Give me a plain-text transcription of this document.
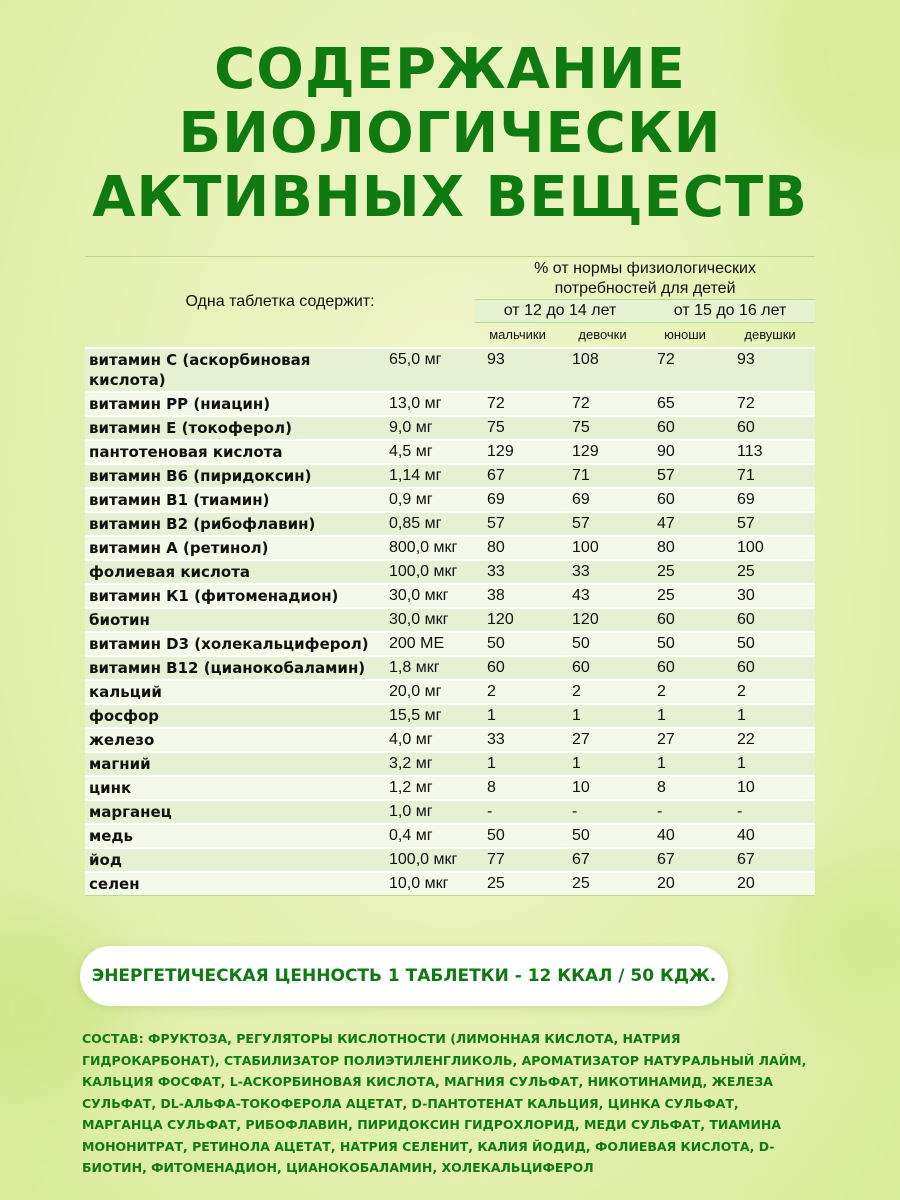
СОДЕРЖАНИЕ
БИОЛОГИЧЕСКИ
АКТИВНЫХ ВЕЩЕСТВ
Одна таблетка содержит:		% от нормы физиологических
потребностей для детей			

		от 12 до 14 лет		от 15 до 16 лет	
		мальчики	девочки	юноши	девушки
витамин С (аскорбиновая кислота)	65,0 мг	93	108	72	93
витамин РР (ниацин)	13,0 мг	72	72	65	72
витамин Е (токоферол)	9,0 мг	75	75	60	60
пантотеновая кислота	4,5 мг	129	129	90	113
витамин В6 (пиридоксин)	1,14 мг	67	71	57	71
витамин В1 (тиамин)	0,9 мг	69	69	60	69
витамин В2 (рибофлавин)	0,85 мг	57	57	47	57
витамин А (ретинол)	800,0 мкг	80	100	80	100
фолиевая кислота	100,0 мкг	33	33	25	25
витамин К1 (фитоменадион)	30,0 мкг	38	43	25	30
биотин	30,0 мкг	120	120	60	60
витамин D3 (холекальциферол)	200 МЕ	50	50	50	50
витамин В12 (цианокобаламин)	1,8 мкг	60	60	60	60
кальций	20,0 мг	2	2	2	2
фосфор	15,5 мг	1	1	1	1
железо	4,0 мг	33	27	27	22
магний	3,2 мг	1	1	1	1
цинк	1,2 мг	8	10	8	10
марганец	1,0 мг	-	-	-	-
медь	0,4 мг	50	50	40	40
йод	100,0 мкг	77	67	67	67
селен	10,0 мкг	25	25	20	20
ЭНЕРГЕТИЧЕСКАЯ ЦЕННОСТЬ 1 ТАБЛЕТКИ - 12 ККАЛ / 50 КДЖ.
СОСТАВ: ФРУКТОЗА, РЕГУЛЯТОРЫ КИСЛОТНОСТИ (ЛИМОННАЯ КИСЛОТА, НАТРИЯ ГИДРОКАРБОНАТ), СТАБИЛИЗАТОР ПОЛИЭТИЛЕНГЛИКОЛЬ, АРОМАТИЗАТОР НАТУРАЛЬНЫЙ ЛАЙМ, КАЛЬЦИЯ ФОСФАТ, L-АСКОРБИНОВАЯ КИСЛОТА, МАГНИЯ СУЛЬФАТ, НИКОТИНАМИД, ЖЕЛЕЗА СУЛЬФАТ, DL-АЛЬФА-ТОКОФЕРОЛА АЦЕТАТ, D-ПАНТОТЕНАТ КАЛЬЦИЯ, ЦИНКА СУЛЬФАТ, МАРГАНЦА СУЛЬФАТ, РИБОФЛАВИН, ПИРИДОКСИН ГИДРОХЛОРИД, МЕДИ СУЛЬФАТ, ТИАМИНА МОНОНИТРАТ, РЕТИНОЛА АЦЕТАТ, НАТРИЯ СЕЛЕНИТ, КАЛИЯ ЙОДИД, ФОЛИЕВАЯ КИСЛОТА, D-БИОТИН, ФИТОМЕНАДИОН, ЦИАНОКОБАЛАМИН, ХОЛЕКАЛЬЦИФЕРОЛ
